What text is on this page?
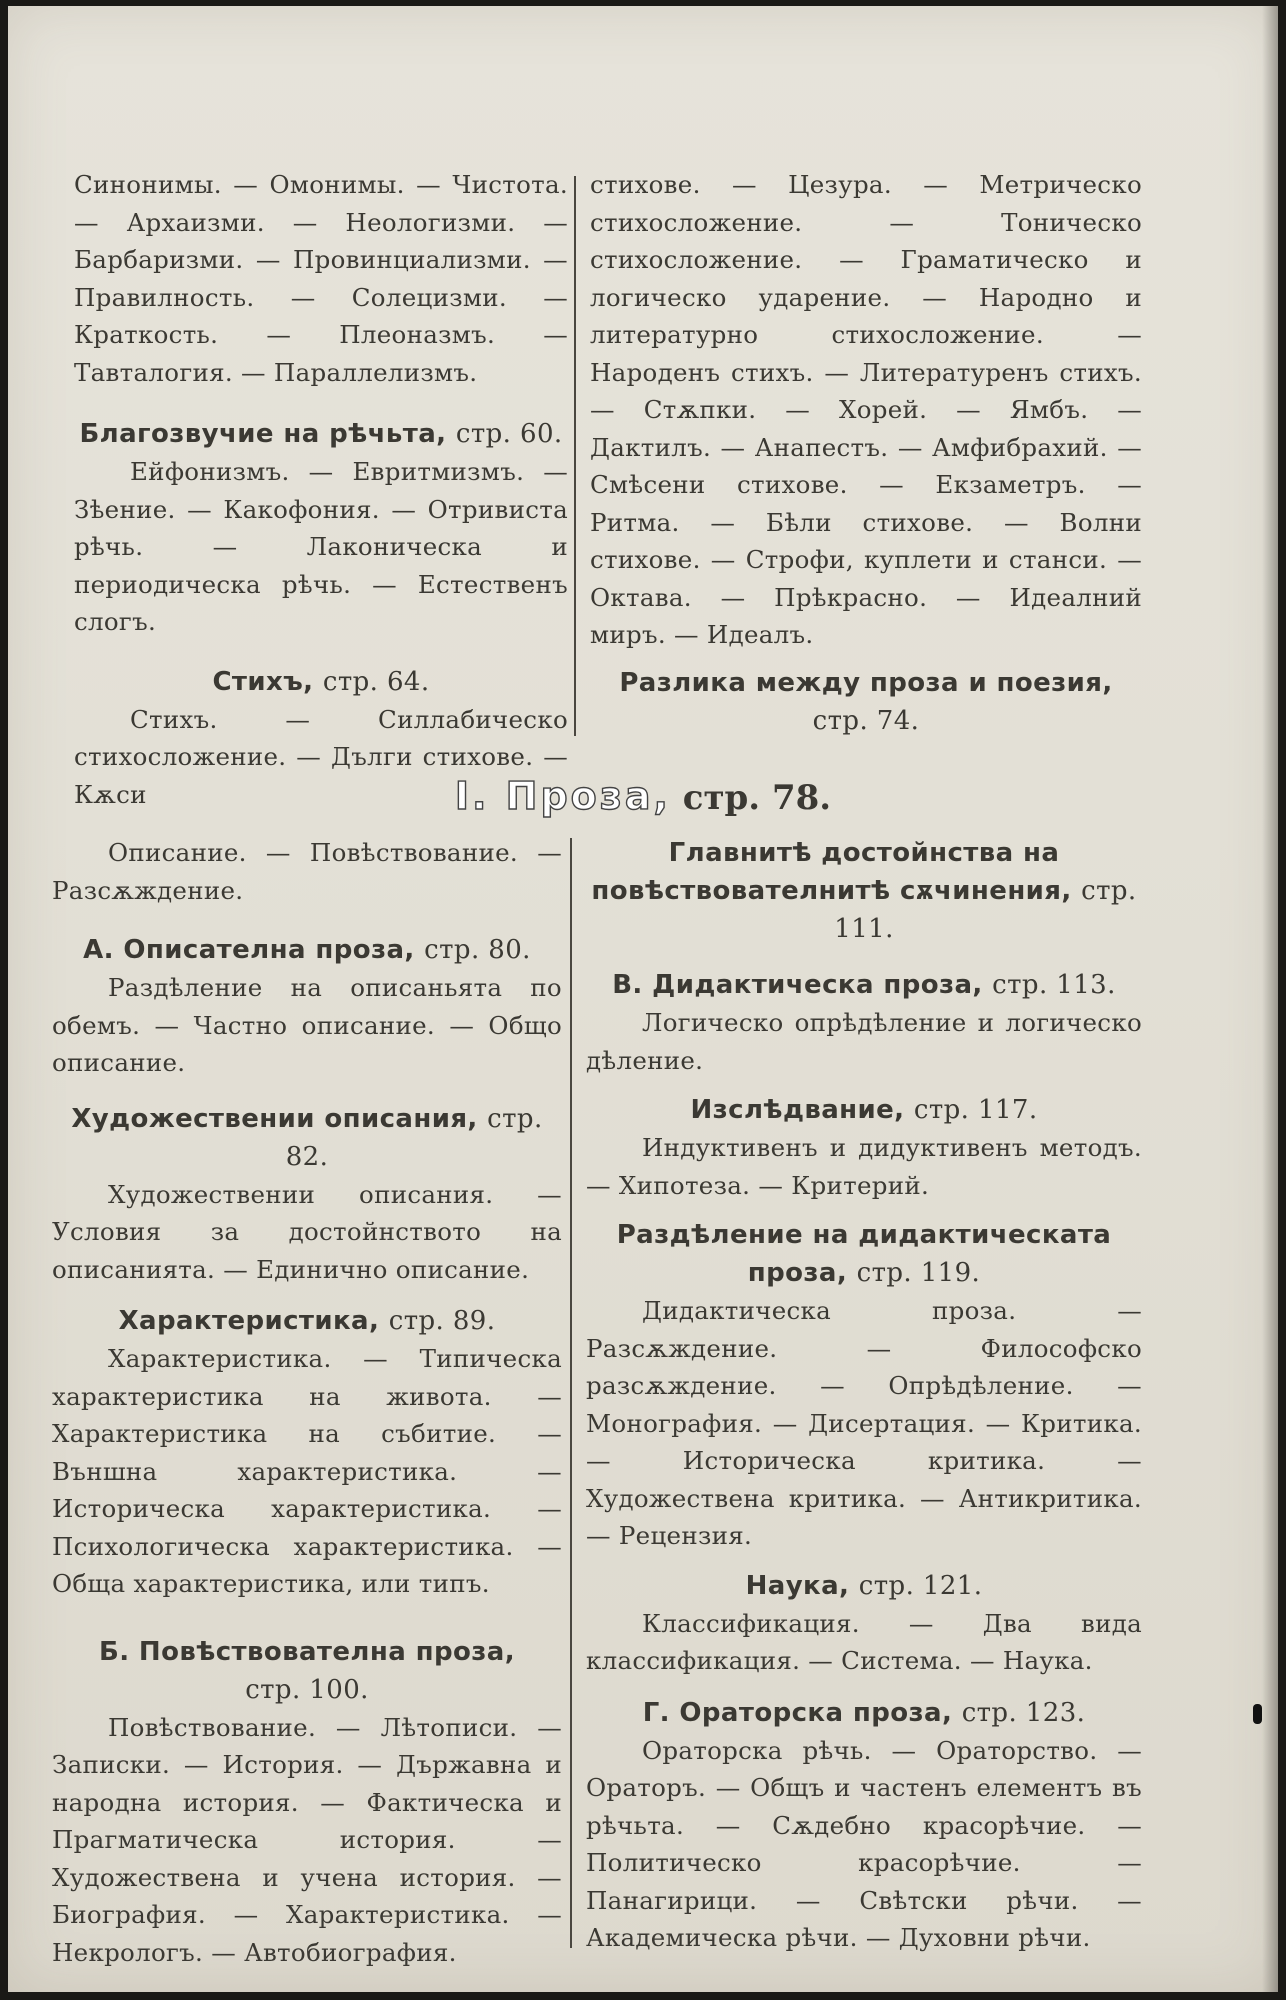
Синонимы. — Омонимы. — Чистота. — Архаизми. — Неологизми. — Барбаризми. — Провинциализми. — Правилность. — Солецизми. — Краткость. — Плеоназмъ. — Тавталогия. — Параллелизмъ.

Благозвучие на рѣчьта, стр. 60.

Ейфонизмъ. — Евритмизмъ. — Зѣение. — Какофония. — Отривиста рѣчь. — Лаконическа и периодическа рѣчь. — Естественъ слогъ.

Стихъ, стр. 64.

Стихъ. — Силлабическо стихосложение. — Дълги стихове. — Кѫси

стихове. — Цезура. — Метрическо стихосложение. — Тоническо стихосложение. — Граматическо и логическо ударение. — Народно и литературно стихосложение. — Народенъ стихъ. — Литературенъ стихъ. — Стѫпки. — Хорей. — Ямбъ. — Дактилъ. — Анапестъ. — Амфибрахий. — Смѣсени стихове. — Екзаметръ. — Ритма. — Бѣли стихове. — Волни стихове. — Строфи, куплети и станси. — Октава. — Прѣкрасно. — Идеалний миръ. — Идеалъ.

Разлика между проза и поезия, стр. 74.
I. Проза, стр. 78.

Описание. — Повѣствование. — Разсѫждение.

А. Описателна проза, стр. 80.

Раздѣление на описаньята по обемъ. — Частно описание. — Общо описание.

Художествении описания, стр. 82.

Художествении описания. — Условия за достойнството на описанията. — Единично описание.

Характеристика, стр. 89.

Характеристика. — Типическа характеристика на живота. — Характеристика на събитие. — Външна характеристика. — Историческа характеристика. — Психологическа характеристика. — Обща характеристика, или типъ.

Б. Повѣствователна проза,
стр. 100.

Повѣствование. — Лѣтописи. — Записки. — История. — Държавна и народна история. — Фактическа и Прагматическа история. — Художествена и учена история. — Биография. — Характеристика. — Некрологъ. — Автобиография.

Главнитѣ достойнства на повѣствователнитѣ сѫчинения, стр. 111.
В. Дидактическа проза, стр. 113.

Логическо опрѣдѣление и логическо дѣление.

Изслѣдвание, стр. 117.

Индуктивенъ и дидуктивенъ методъ. — Хипотеза. — Критерий.

Раздѣление на дидактическата проза, стр. 119.

Дидактическа проза. — Разсѫждение. — Философско разсѫждение. — Опрѣдѣление. — Монография. — Дисертация. — Критика. — Историческа критика. — Художествена критика. — Антикритика. — Рецензия.

Наука, стр. 121.

Классификация. — Два вида классификация. — Система. — Наука.

Г. Ораторска проза, стр. 123.

Ораторска рѣчь. — Ораторство. — Ораторъ. — Общъ и частенъ елементъ въ рѣчьта. — Сѫдебно красорѣчие. — Политическо красорѣчие. — Панагирици. — Свѣтски рѣчи. — Академическа рѣчи. — Духовни рѣчи.
